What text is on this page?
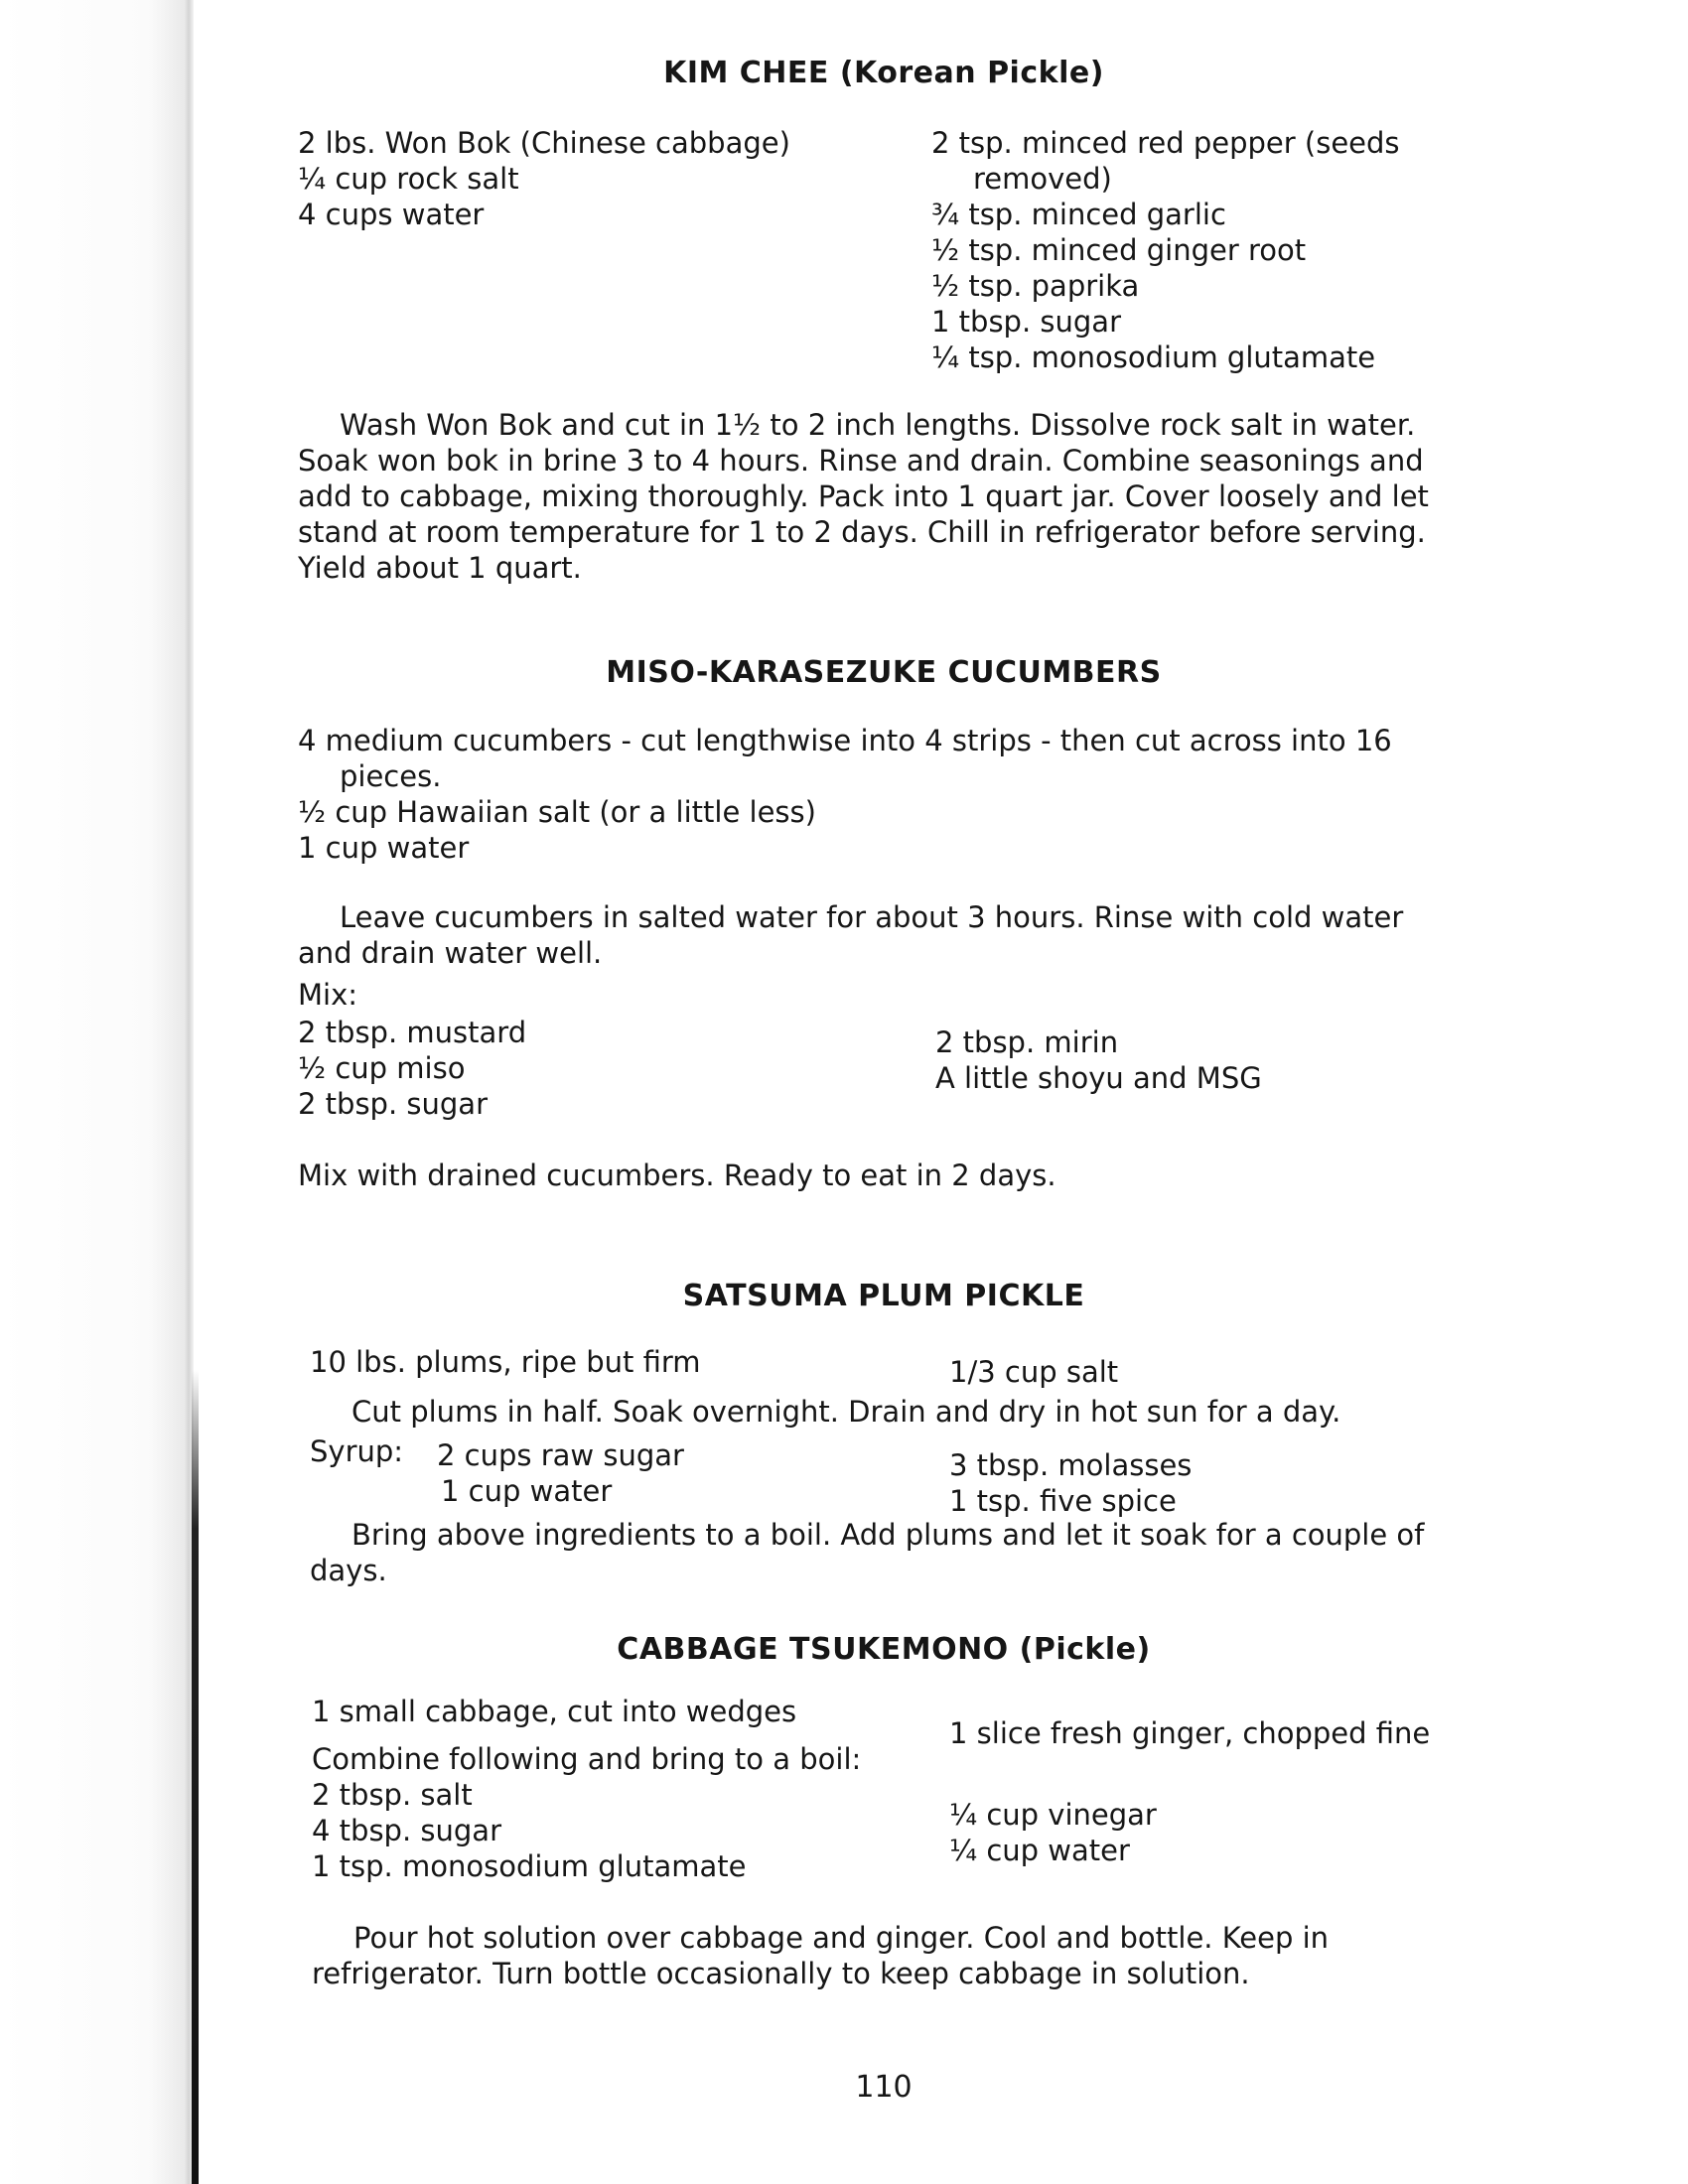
KIM CHEE (Korean Pickle)
2 lbs. Won Bok (Chinese cabbage)
¼ cup rock salt
4 cups water
2 tsp. minced red pepper (seeds
removed)
¾ tsp. minced garlic
½ tsp. minced ginger root
½ tsp. paprika
1 tbsp. sugar
¼ tsp. monosodium glutamate
Wash Won Bok and cut in 1½ to 2 inch lengths. Dissolve rock salt in water. Soak won bok in brine 3 to 4 hours. Rinse and drain. Combine seasonings and add to cabbage, mixing thoroughly. Pack into 1 quart jar. Cover loosely and let stand at room temperature for 1 to 2 days. Chill in refrigerator before serving. Yield about 1 quart.
MISO-KARASEZUKE CUCUMBERS
4 medium cucumbers - cut lengthwise into 4 strips - then cut across into 16
pieces.
½ cup Hawaiian salt (or a little less)
1 cup water
Leave cucumbers in salted water for about 3 hours. Rinse with cold water and drain water well.
Mix:
2 tbsp. mustard
½ cup miso
2 tbsp. sugar
2 tbsp. mirin
A little shoyu and MSG
Mix with drained cucumbers. Ready to eat in 2 days.
SATSUMA PLUM PICKLE
10 lbs. plums, ripe but firm	1/3 cup salt
Cut plums in half. Soak overnight. Drain and dry in hot sun for a day.
Syrup: 2 cups raw sugar
1 cup water
3 tbsp. molasses
1 tsp. five spice
Bring above ingredients to a boil. Add plums and let it soak for a couple of days.
CABBAGE TSUKEMONO (Pickle)
1 small cabbage, cut into wedges
1 slice fresh ginger, chopped fine
Combine following and bring to a boil:
2 tbsp. salt
4 tbsp. sugar
1 tsp. monosodium glutamate
¼ cup vinegar
¼ cup water
Pour hot solution over cabbage and ginger. Cool and bottle. Keep in refrigerator. Turn bottle occasionally to keep cabbage in solution.
110
